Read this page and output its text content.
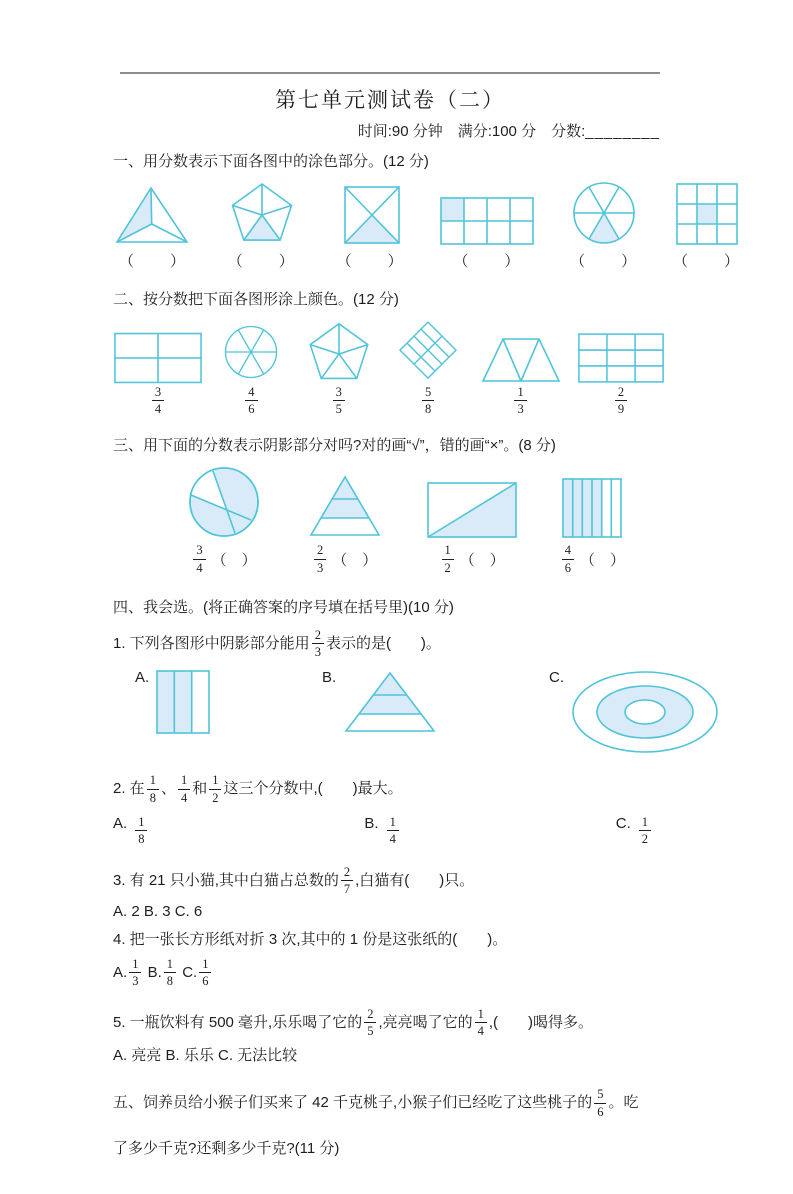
第七单元测试卷（二）
时间:90 分钟　满分:100 分　分数:________
一、用分数表示下面各图中的涂色部分。(12 分)
（　　）	（　　）	（　　）	（　　）	（　　） （　　）
二、按分数把下面各图形涂上颜色。(12 分)
$\frac{3}{4}$	$\frac{4}{6}$	$\frac{3}{5}$	$\frac{5}{8}$	$\frac{1}{3}$	$\frac{2}{9}$
三、用下面的分数表示阴影部分对吗?对的画“√”，错的画“×”。(8 分)
$\frac{3}{4}$ （　）	$\frac{2}{3}$ （　）	$\frac{1}{2}$ （　）	$\frac{4}{6}$ （　）
四、我会选。(将正确答案的序号填在括号里)(10 分)
1. 下列各图形中阴影部分能用 $\frac{2}{3}$ 表示的是(　　)。
A.	B.	C.
2. 在 $\frac{1}{8}$ 、 $\frac{1}{4}$ 和 $\frac{1}{2}$ 这三个分数中,(　　)最大。
A. $\frac{1}{8}$	B. $\frac{1}{4}$	C. $\frac{1}{2}$
3. 有 21 只小猫,其中白猫占总数的 $\frac{2}{7}$ ,白猫有(　　)只。
A. 2 B. 3 C. 6
4. 把一张长方形纸对折 3 次,其中的 1 份是这张纸的(　　)。
A. $\frac{1}{3} B$. $\frac{1}{8} C$. $\frac{1}{6}$
5. 一瓶饮料有 500 毫升,乐乐喝了它的 $\frac{2}{5}$ ,亮亮喝了它的 $\frac{1}{4}$ ,(　　)喝得多。
A. 亮亮 B. 乐乐 C. 无法比较
五、饲养员给小猴子们买来了 42 千克桃子,小猴子们已经吃了这些桃子的 $\frac{5}{6}$ 。吃
了多少千克?还剩多少千克?(11 分)
